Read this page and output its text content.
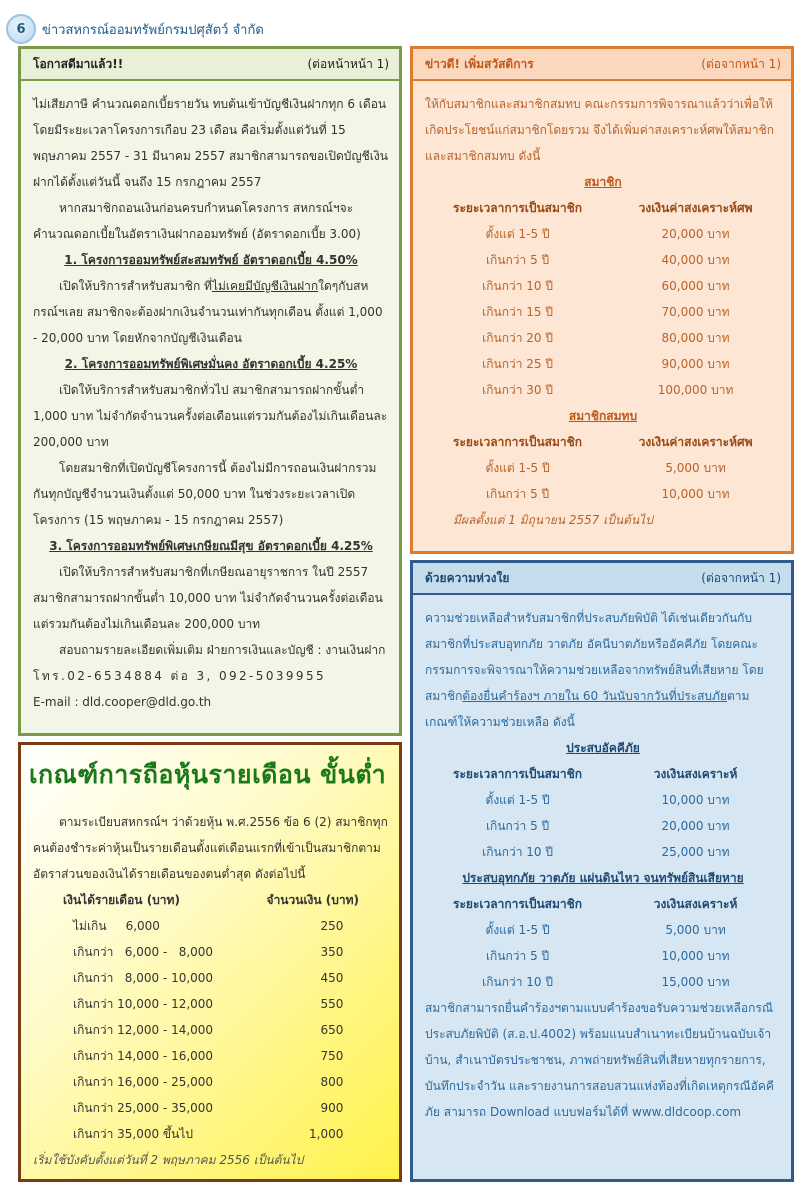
6	ข่าวสหกรณ์ออมทรัพย์กรมปศุสัตว์ จำกัด
โอกาสดีมาแล้ว!!	(ต่อหน้าหน้า 1)
ไม่เสียภาษี คำนวณดอกเบี้ยรายวัน ทบต้นเข้าบัญชีเงินฝากทุก 6 เดือน โดยมีระยะเวลาโครงการเกือบ 23 เดือน คือเริ่มตั้งแต่วันที่ 15 พฤษภาคม 2557 - 31 มีนาคม 2557 สมาชิกสามารถขอเปิดบัญชีเงินฝากได้ตั้งแต่วันนี้ จนถึง 15 กรกฎาคม 2557
หากสมาชิกถอนเงินก่อนครบกำหนดโครงการ สหกรณ์ฯจะคำนวณดอกเบี้ยในอัตราเงินฝากออมทรัพย์ (อัตราดอกเบี้ย 3.00)
1. โครงการออมทรัพย์สะสมทรัพย์ อัตราดอกเบี้ย 4.50%
เปิดให้บริการสำหรับสมาชิก ที่ไม่เคยมีบัญชีเงินฝากใดๆกับสหกรณ์ฯเลย สมาชิกจะต้องฝากเงินจำนวนเท่ากันทุกเดือน ตั้งแต่ 1,000 - 20,000 บาท โดยหักจากบัญชีเงินเดือน
2. โครงการออมทรัพย์พิเศษมั่นคง อัตราดอกเบี้ย 4.25%
เปิดให้บริการสำหรับสมาชิกทั่วไป สมาชิกสามารถฝากขั้นต่ำ 1,000 บาท ไม่จำกัดจำนวนครั้งต่อเดือนแต่รวมกันต้องไม่เกินเดือนละ 200,000 บาท
โดยสมาชิกที่เปิดบัญชีโครงการนี้ ต้องไม่มีการถอนเงินฝากรวมกันทุกบัญชีจำนวนเงินตั้งแต่ 50,000 บาท ในช่วงระยะเวลาเปิดโครงการ (15 พฤษภาคม - 15 กรกฎาคม 2557)
3. โครงการออมทรัพย์พิเศษเกษียณมีสุข อัตราดอกเบี้ย 4.25%
เปิดให้บริการสำหรับสมาชิกที่เกษียณอายุราชการ ในปี 2557 สมาชิกสามารถฝากขั้นต่ำ 10,000 บาท ไม่จำกัดจำนวนครั้งต่อเดือนแต่รวมกันต้องไม่เกินเดือนละ 200,000 บาท
สอบถามรายละเอียดเพิ่มเติม ฝ่ายการเงินและบัญชี : งานเงินฝาก
โทร.02-6534884 ต่อ 3, 092-5039955
E-mail : dld.cooper@dld.go.th
ข่าวดี! เพิ่มสวัสดิการ	(ต่อจากหน้า 1)
ให้กับสมาชิกและสมาชิกสมทบ คณะกรรมการพิจารณาแล้วว่าเพื่อให้เกิดประโยชน์แก่สมาชิกโดยรวม จึงได้เพิ่มค่าสงเคราะห์ศพให้สมาชิกและสมาชิกสมทบ ดังนี้
สมาชิก
ระยะเวลาการเป็นสมาชิก	วงเงินค่าสงเคราะห์ศพ
ตั้งแต่ 1-5 ปี	20,000 บาท
เกินกว่า 5 ปี	40,000 บาท
เกินกว่า 10 ปี	60,000 บาท
เกินกว่า 15 ปี	70,000 บาท
เกินกว่า 20 ปี	80,000 บาท
เกินกว่า 25 ปี	90,000 บาท
เกินกว่า 30 ปี	100,000 บาท
สมาชิกสมทบ
ระยะเวลาการเป็นสมาชิก	วงเงินค่าสงเคราะห์ศพ
ตั้งแต่ 1-5 ปี	5,000 บาท
เกินกว่า 5 ปี	10,000 บาท
มีผลตั้งแต่ 1 มิถุนายน 2557 เป็นต้นไป
ด้วยความห่วงใย	(ต่อจากหน้า 1)
ความช่วยเหลือสำหรับสมาชิกที่ประสบภัยพิบัติ ได้เช่นเดียวกันกับสมาชิกที่ประสบอุทกภัย วาตภัย อัคนีบาตภัยหรืออัคคีภัย โดยคณะกรรมการจะพิจารณาให้ความช่วยเหลือจากทรัพย์สินที่เสียหาย โดยสมาชิกต้องยื่นคำร้องฯ ภายใน 60 วันนับจากวันที่ประสบภัยตามเกณฑ์ให้ความช่วยเหลือ ดังนี้
ประสบอัคคีภัย
ระยะเวลาการเป็นสมาชิก	วงเงินสงเคราะห์
ตั้งแต่ 1-5 ปี	10,000 บาท
เกินกว่า 5 ปี	20,000 บาท
เกินกว่า 10 ปี	25,000 บาท
ประสบอุทกภัย วาตภัย แผ่นดินไหว จนทรัพย์สินเสียหาย
ระยะเวลาการเป็นสมาชิก	วงเงินสงเคราะห์
ตั้งแต่ 1-5 ปี	5,000 บาท
เกินกว่า 5 ปี	10,000 บาท
เกินกว่า 10 ปี	15,000 บาท
สมาชิกสามารถยื่นคำร้องฯตามแบบคำร้องขอรับความช่วยเหลือกรณีประสบภัยพิบัติ (ส.อ.ป.4002) พร้อมแนบสำเนาทะเบียนบ้านฉบับเจ้าบ้าน, สำเนาบัตรประชาชน, ภาพถ่ายทรัพย์สินที่เสียหายทุกรายการ, บันทึกประจำวัน และรายงานการสอบสวนแห่งท้องที่เกิดเหตุกรณีอัคคีภัย สามารถ Download แบบฟอร์มได้ที่ www.dldcoop.com
เกณฑ์การถือหุ้นรายเดือน ขั้นต่ำ
ตามระเบียบสหกรณ์ฯ ว่าด้วยหุ้น พ.ศ.2556 ข้อ 6 (2) สมาชิกทุกคนต้องชำระค่าหุ้นเป็นรายเดือนตั้งแต่เดือนแรกที่เข้าเป็นสมาชิกตามอัตราส่วนของเงินได้รายเดือนของตนต่ำสุด ดังต่อไปนี้
เงินได้รายเดือน (บาท)	จำนวนเงิน (บาท)
ไม่เกิน     6,000	250
เกินกว่า   6,000 -   8,000	350
เกินกว่า   8,000 - 10,000	450
เกินกว่า 10,000 - 12,000	550
เกินกว่า 12,000 - 14,000	650
เกินกว่า 14,000 - 16,000	750
เกินกว่า 16,000 - 25,000	800
เกินกว่า 25,000 - 35,000	900
เกินกว่า 35,000 ขึ้นไป	1,000
เริ่มใช้บังคับตั้งแต่วันที่ 2 พฤษภาคม 2556 เป็นต้นไป
